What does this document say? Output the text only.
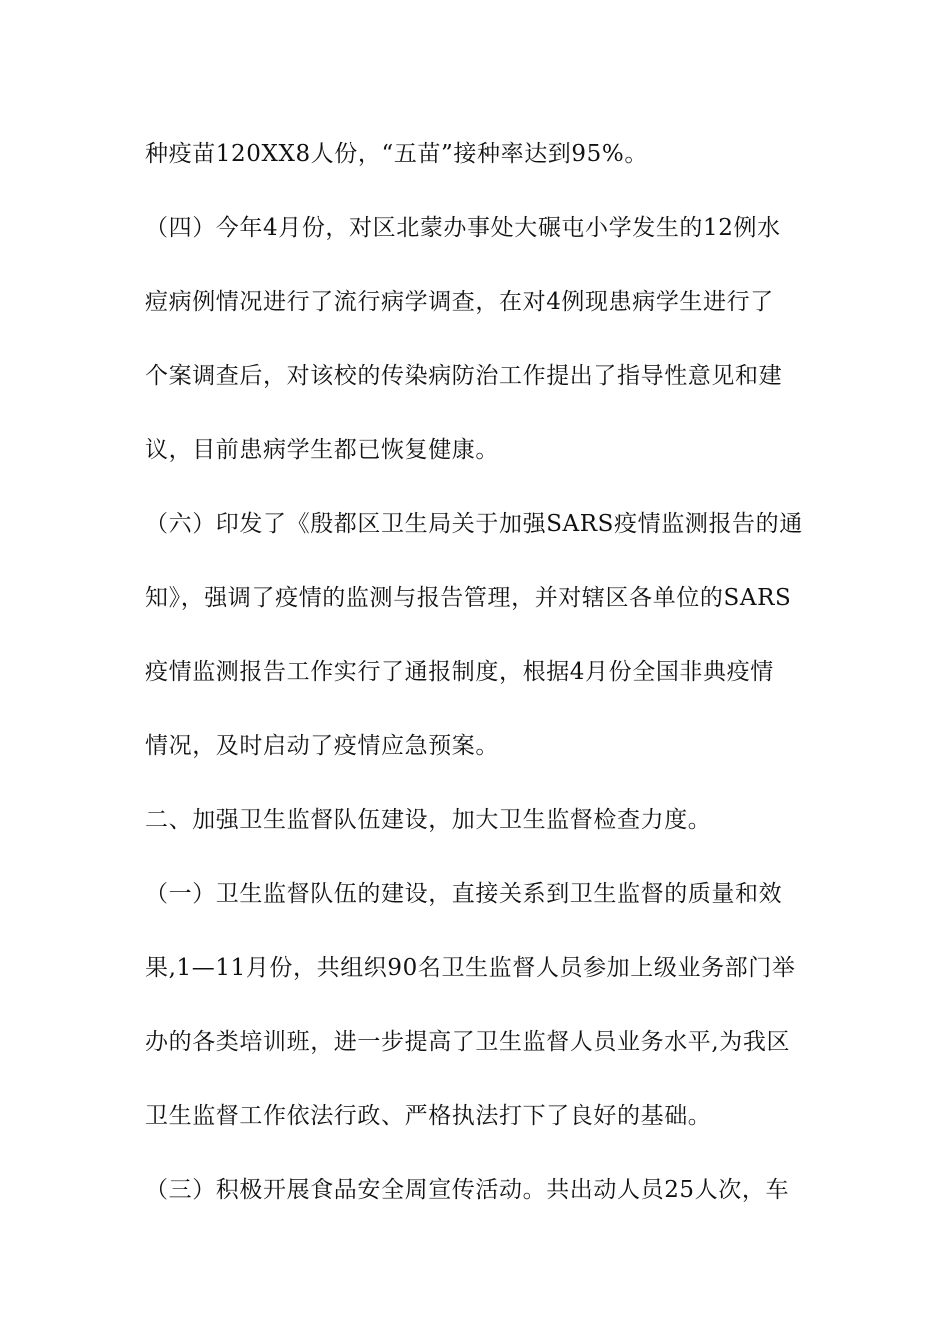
种疫苗120XX8人份，“五苗”接种率达到95%。
（四）今年4月份，对区北蒙办事处大碾屯小学发生的12例水
痘病例情况进行了流行病学调查，在对4例现患病学生进行了
个案调查后，对该校的传染病防治工作提出了指导性意见和建
议，目前患病学生都已恢复健康。
（六）印发了《殷都区卫生局关于加强SARS疫情监测报告的通
知》，强调了疫情的监测与报告管理，并对辖区各单位的SARS
疫情监测报告工作实行了通报制度，根据4月份全国非典疫情
情况，及时启动了疫情应急预案。
二、加强卫生监督队伍建设，加大卫生监督检查力度。
（一）卫生监督队伍的建设，直接关系到卫生监督的质量和效
果,1—11月份，共组织90名卫生监督人员参加上级业务部门举
办的各类培训班，进一步提高了卫生监督人员业务水平,为我区
卫生监督工作依法行政、严格执法打下了良好的基础。
（三）积极开展食品安全周宣传活动。共出动人员25人次，车
